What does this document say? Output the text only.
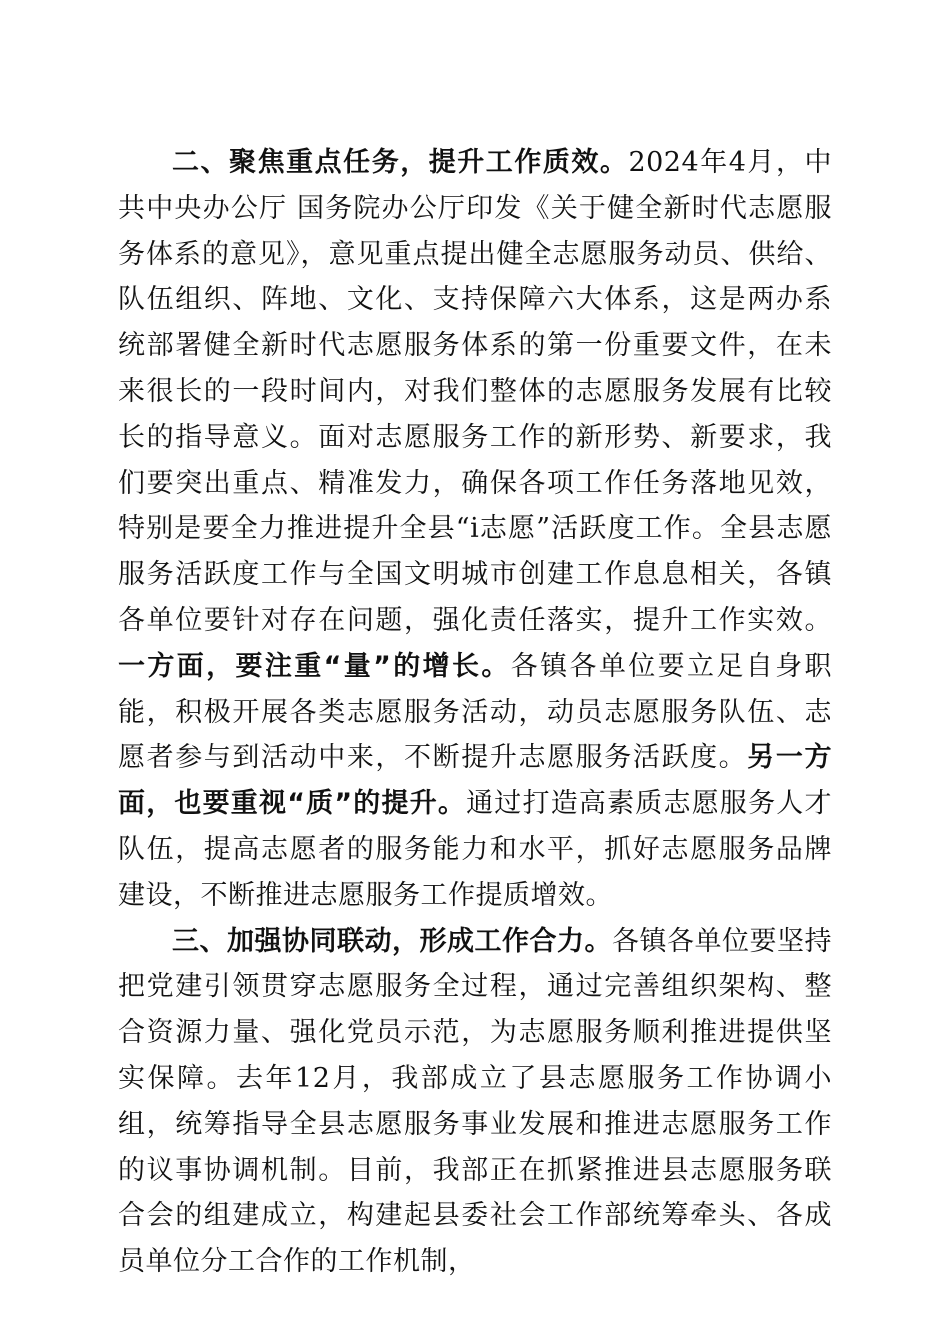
二、聚焦重点任务，提升工作质效。2024年4月，中共中央办公厅 国务院办公厅印发《关于健全新时代志愿服务体系的意见》，意见重点提出健全志愿服务动员、供给、队伍组织、阵地、文化、支持保障六大体系，这是两办系统部署健全新时代志愿服务体系的第一份重要文件，在未来很长的一段时间内，对我们整体的志愿服务发展有比较长的指导意义。面对志愿服务工作的新形势、新要求，我们要突出重点、精准发力，确保各项工作任务落地见效，特别是要全力推进提升全县“i志愿”活跃度工作。全县志愿服务活跃度工作与全国文明城市创建工作息息相关，各镇各单位要针对存在问题，强化责任落实，提升工作实效。一方面，要注重“量”的增长。各镇各单位要立足自身职能，积极开展各类志愿服务活动，动员志愿服务队伍、志愿者参与到活动中来，不断提升志愿服务活跃度。另一方面，也要重视“质”的提升。通过打造高素质志愿服务人才队伍，提高志愿者的服务能力和水平，抓好志愿服务品牌建设，不断推进志愿服务工作提质增效。

三、加强协同联动，形成工作合力。各镇各单位要坚持把党建引领贯穿志愿服务全过程，通过完善组织架构、整合资源力量、强化党员示范，为志愿服务顺利推进提供坚实保障。去年12月，我部成立了县志愿服务工作协调小组，统筹指导全县志愿服务事业发展和推进志愿服务工作的议事协调机制。目前，我部正在抓紧推进县志愿服务联合会的组建成立，构建起县委社会工作部统筹牵头、各成员单位分工合作的工作机制，
